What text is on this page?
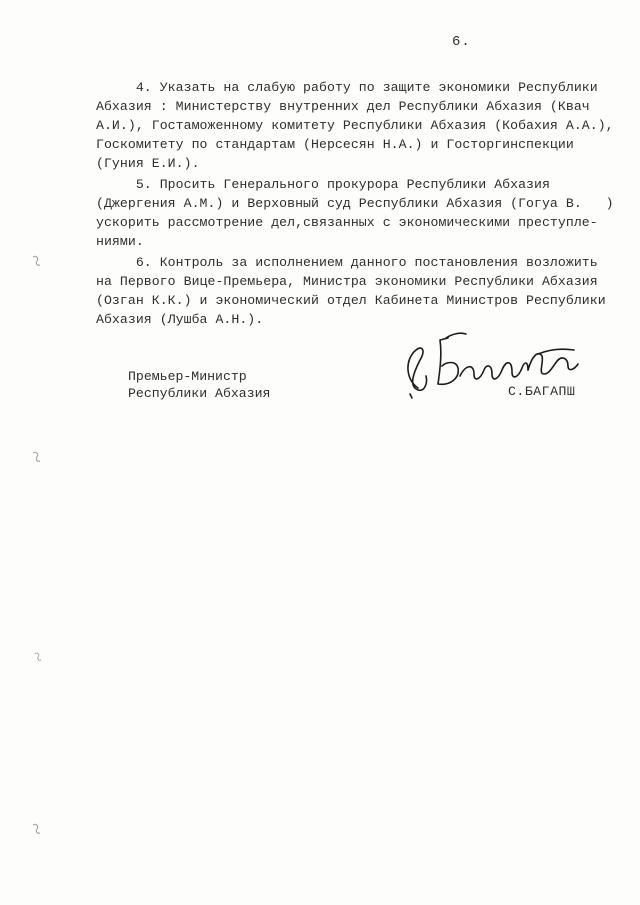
6.
4. Указать на слабую работу по защите экономики Республики
Абхазия : Министерству внутренних дел Республики Абхазия (Квач
А.И.), Гостаможенному комитету Республики Абхазия (Кобахия А.А.),
Госкомитету по стандартам (Нерсесян Н.А.) и Госторгинспекции
(Гуния Е.И.).
5. Просить Генерального прокурора Республики Абхазия
(Джергения А.М.) и Верховный суд Республики Абхазия (Гогуа В.   )
ускорить рассмотрение дел,связанных с экономическими преступле-
ниями.
6. Контроль за исполнением данного постановления возложить
на Первого Вице-Премьера, Министра экономики Республики Абхазия
(Озган К.К.) и экономический отдел Кабинета Министров Республики
Абхазия (Лушба А.Н.).
Премьер-Министр
Республики Абхазия	С.БАГАПШ
